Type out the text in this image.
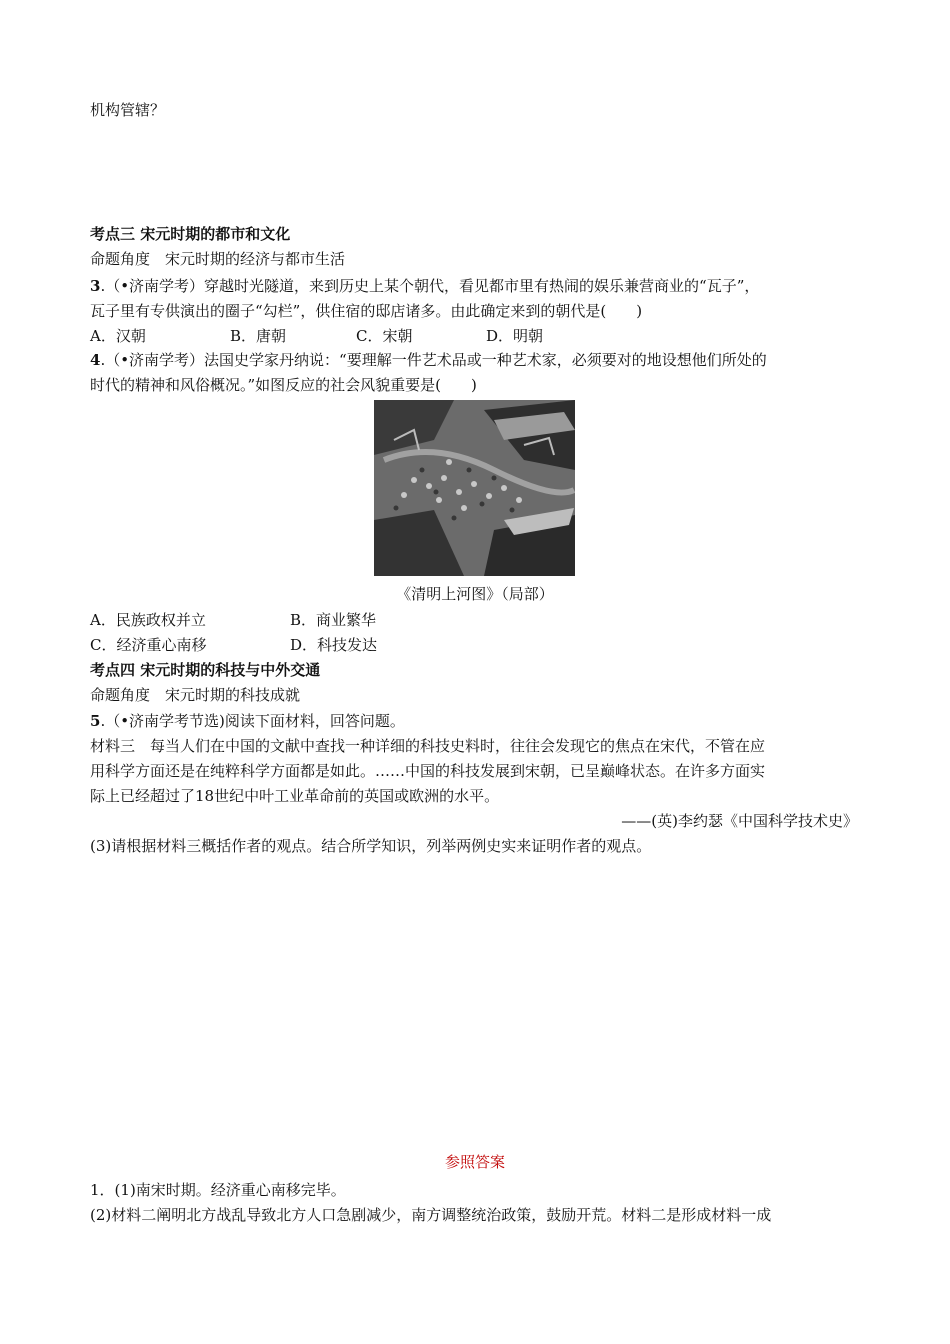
机构管辖？
考点三 宋元时期的都市和文化
命题角度　宋元时期的经济与都市生活
3.（•济南学考）穿越时光隧道，来到历史上某个朝代，看见都市里有热闹的娱乐兼营商业的“瓦子”，
瓦子里有专供演出的圈子“勾栏”，供住宿的邸店诸多。由此确定来到的朝代是(　　)
A．汉朝	B．唐朝	C．宋朝	D．明朝
4.（•济南学考）法国史学家丹纳说：“要理解一件艺术品或一种艺术家，必须要对的地设想他们所处的
时代的精神和风俗概况。”如图反应的社会风貌重要是(　　)
《清明上河图》（局部）
A．民族政权并立	B．商业繁华
C．经济重心南移	D．科技发达
考点四 宋元时期的科技与中外交通
命题角度　宋元时期的科技成就
5.（•济南学考节选)阅读下面材料，回答问题。
材料三　每当人们在中国的文献中查找一种详细的科技史料时，往往会发现它的焦点在宋代，不管在应
用科学方面还是在纯粹科学方面都是如此。……中国的科技发展到宋朝，已呈巅峰状态。在许多方面实
际上已经超过了18世纪中叶工业革命前的英国或欧洲的水平。
——(英)李约瑟《中国科学技术史》
(3)请根据材料三概括作者的观点。结合所学知识，列举两例史实来证明作者的观点。
参照答案
1．(1)南宋时期。经济重心南移完毕。
(2)材料二阐明北方战乱导致北方人口急剧减少，南方调整统治政策，鼓励开荒。材料二是形成材料一成
